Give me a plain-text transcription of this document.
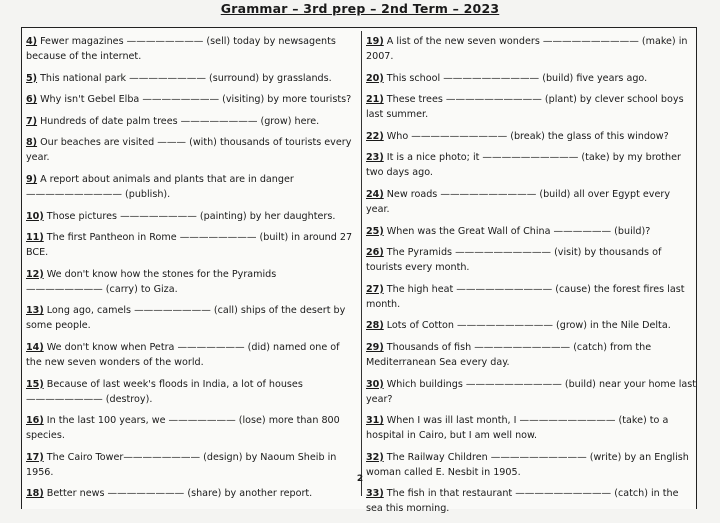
Grammar – 3rd prep – 2nd Term – 2023
4) Fewer magazines ———————— (sell) today by newsagents because of the internet.
5) This national park ———————— (surround) by grasslands.
6) Why isn't Gebel Elba ———————— (visiting) by more tourists?
7) Hundreds of date palm trees ———————— (grow) here.
8) Our beaches are visited ——— (with) thousands of tourists every year.
9) A report about animals and plants that are in danger—————————— (publish).
10) Those pictures ———————— (painting) by her daughters.
11) The first Pantheon in Rome ———————— (built) in around 27 BCE.
12) We don't know how the stones for the Pyramids ———————— (carry) to Giza.
13) Long ago, camels ———————— (call) ships of the desert by some people.
14) We don't know when Petra ——————— (did) named one of the new seven wonders of the world.
15) Because of last week's floods in India, a lot of houses ———————— (destroy).
16) In the last 100 years, we ——————— (lose) more than 800 species.
17) The Cairo Tower———————— (design) by Naoum Sheib in 1956.
18) Better news ———————— (share) by another report.
19) A list of the new seven wonders —————————— (make) in 2007.
20) This school —————————— (build) five years ago.
21) These trees —————————— (plant) by clever school boys last summer.
22) Who —————————— (break) the glass of this window?
23) It is a nice photo; it —————————— (take) by my brother two days ago.
24) New roads —————————— (build) all over Egypt every year.
25) When was the Great Wall of China —————— (build)?
26) The Pyramids —————————— (visit) by thousands of tourists every month.
27) The high heat —————————— (cause) the forest fires last month.
28) Lots of Cotton —————————— (grow) in the Nile Delta.
29) Thousands of fish —————————— (catch) from the Mediterranean Sea every day.
30) Which buildings —————————— (build) near your home last year?
31) When I was ill last month, I —————————— (take) to a hospital in Cairo, but I am well now.
32) The Railway Children —————————— (write) by an English woman called E. Nesbit in 1905.
33) The fish in that restaurant —————————— (catch) in the sea this morning.
2
